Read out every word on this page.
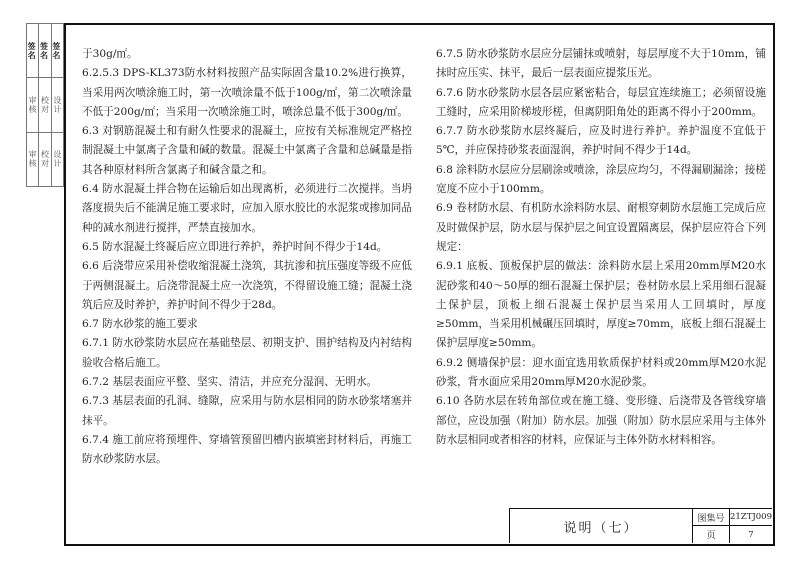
签名
审核
审核
签名
校对
校对
签名
设计
设计

于30g/㎡。

6.2.5.3 DPS-KL373防水材料按照产品实际固含量10.2%进行换算，当采用两次喷涂施工时，第一次喷涂量不低于100g/㎡，第二次喷涂量不低于200g/㎡；当采用一次喷涂施工时，喷涂总量不低于300g/㎡。

6.3 对钢筋混凝土和有耐久性要求的混凝土，应按有关标准规定严格控制混凝土中氯离子含量和碱的数量。混凝土中氯离子含量和总碱量是指其各种原材料所含氯离子和碱含量之和。

6.4 防水混凝土拌合物在运输后如出现离析，必须进行二次搅拌。当坍落度损失后不能满足施工要求时，应加入原水胶比的水泥浆或掺加同品种的减水剂进行搅拌，严禁直接加水。

6.5 防水混凝土终凝后应立即进行养护，养护时间不得少于14d。

6.6 后浇带应采用补偿收缩混凝土浇筑，其抗渗和抗压强度等级不应低于两侧混凝土。后浇带混凝土应一次浇筑，不得留设施工缝；混凝土浇筑后应及时养护，养护时间不得少于28d。

6.7 防水砂浆的施工要求

6.7.1 防水砂浆防水层应在基础垫层、初期支护、围护结构及内衬结构验收合格后施工。

6.7.2 基层表面应平整、坚实、清洁，并应充分湿润、无明水。

6.7.3 基层表面的孔洞、缝隙，应采用与防水层相同的防水砂浆堵塞并抹平。

6.7.4 施工前应将预埋件、穿墙管预留凹槽内嵌填密封材料后，再施工防水砂浆防水层。

6.7.5 防水砂浆防水层应分层铺抹或喷射，每层厚度不大于10mm，铺抹时应压实、抹平，最后一层表面应提浆压光。

6.7.6 防水砂浆防水层各层应紧密粘合，每层宜连续施工；必须留设施工缝时，应采用阶梯坡形槎，但离阴阳角处的距离不得小于200mm。

6.7.7 防水砂浆防水层终凝后，应及时进行养护。养护温度不宜低于5℃，并应保持砂浆表面湿润，养护时间不得少于14d。

6.8 涂料防水层应分层刷涂或喷涂，涂层应均匀，不得漏刷漏涂；接槎宽度不应小于100mm。

6.9 卷材防水层、有机防水涂料防水层、耐根穿刺防水层施工完成后应及时做保护层，防水层与保护层之间宜设置隔离层，保护层应符合下列规定：

6.9.1 底板、顶板保护层的做法：涂料防水层上采用20mm厚M20水泥砂浆和40～50厚的细石混凝土保护层；卷材防水层上采用细石混凝土保护层，顶板上细石混凝土保护层当采用人工回填时，厚度≥50mm，当采用机械碾压回填时，厚度≥70mm，底板上细石混凝土保护层厚度≥50mm。

6.9.2 侧墙保护层：迎水面宜选用软质保护材料或20mm厚M20水泥砂浆，背水面应采用20mm厚M20水泥砂浆。

6.10 各防水层在转角部位或在施工缝、变形缝、后浇带及各管线穿墙部位，应设加强（附加）防水层。加强（附加）防水层应采用与主体外防水层相同或者相容的材料，应保证与主体外防水材料相容。

说明（七）
图集号 21ZTJ009
页	7
